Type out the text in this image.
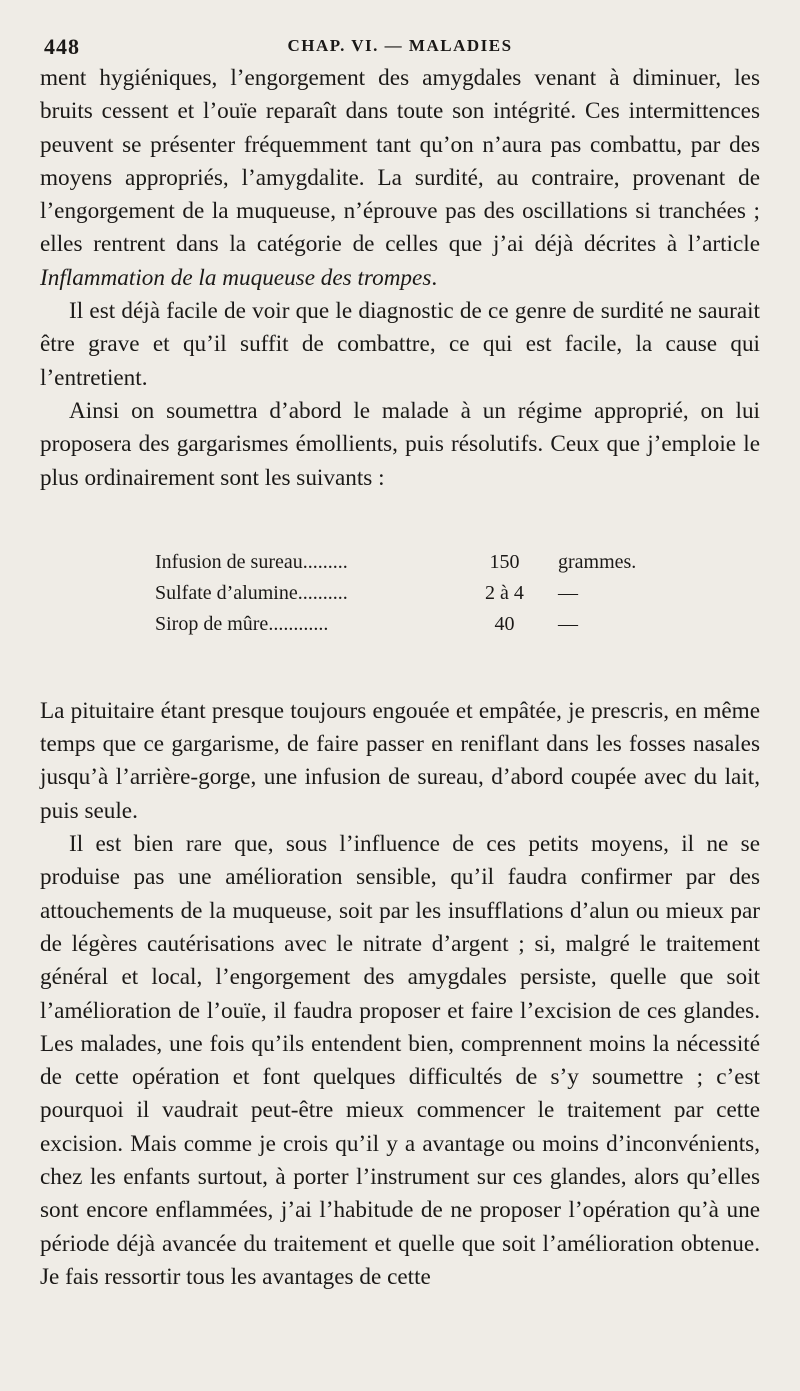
448	CHAP. VI. — MALADIES

ment hygiéniques, l’engorgement des amygdales venant à diminuer, les bruits cessent et l’ouïe reparaît dans toute son intégrité. Ces intermittences peuvent se présenter fréquemment tant qu’on n’aura pas combattu, par des moyens appropriés, l’amygdalite. La surdité, au contraire, provenant de l’engorgement de la muqueuse, n’éprouve pas des oscillations si tranchées ; elles rentrent dans la catégorie de celles que j’ai déjà décrites à l’article Inflammation de la muqueuse des trompes.

Il est déjà facile de voir que le diagnostic de ce genre de surdité ne saurait être grave et qu’il suffit de combattre, ce qui est facile, la cause qui l’entretient.

Ainsi on soumettra d’abord le malade à un régime approprié, on lui proposera des gargarismes émollients, puis résolutifs. Ceux que j’emploie le plus ordinairement sont les suivants :

Infusion de sureau.........	150	grammes.
Sulfate d’alumine..........	2 à 4	—
Sirop de mûre............	40	—

La pituitaire étant presque toujours engouée et empâtée, je prescris, en même temps que ce gargarisme, de faire passer en reniflant dans les fosses nasales jusqu’à l’arrière-gorge, une infusion de sureau, d’abord coupée avec du lait, puis seule.

Il est bien rare que, sous l’influence de ces petits moyens, il ne se produise pas une amélioration sensible, qu’il faudra confirmer par des attouchements de la muqueuse, soit par les insufflations d’alun ou mieux par de légères cautérisations avec le nitrate d’argent ; si, malgré le traitement général et local, l’engorgement des amygdales persiste, quelle que soit l’amélioration de l’ouïe, il faudra proposer et faire l’excision de ces glandes. Les malades, une fois qu’ils entendent bien, comprennent moins la nécessité de cette opération et font quelques difficultés de s’y soumettre ; c’est pourquoi il vaudrait peut-être mieux commencer le traitement par cette excision. Mais comme je crois qu’il y a avantage ou moins d’inconvénients, chez les enfants surtout, à porter l’instrument sur ces glandes, alors qu’elles sont encore enflammées, j’ai l’habitude de ne proposer l’opération qu’à une période déjà avancée du traitement et quelle que soit l’amélioration obtenue. Je fais ressortir tous les avantages de cette
